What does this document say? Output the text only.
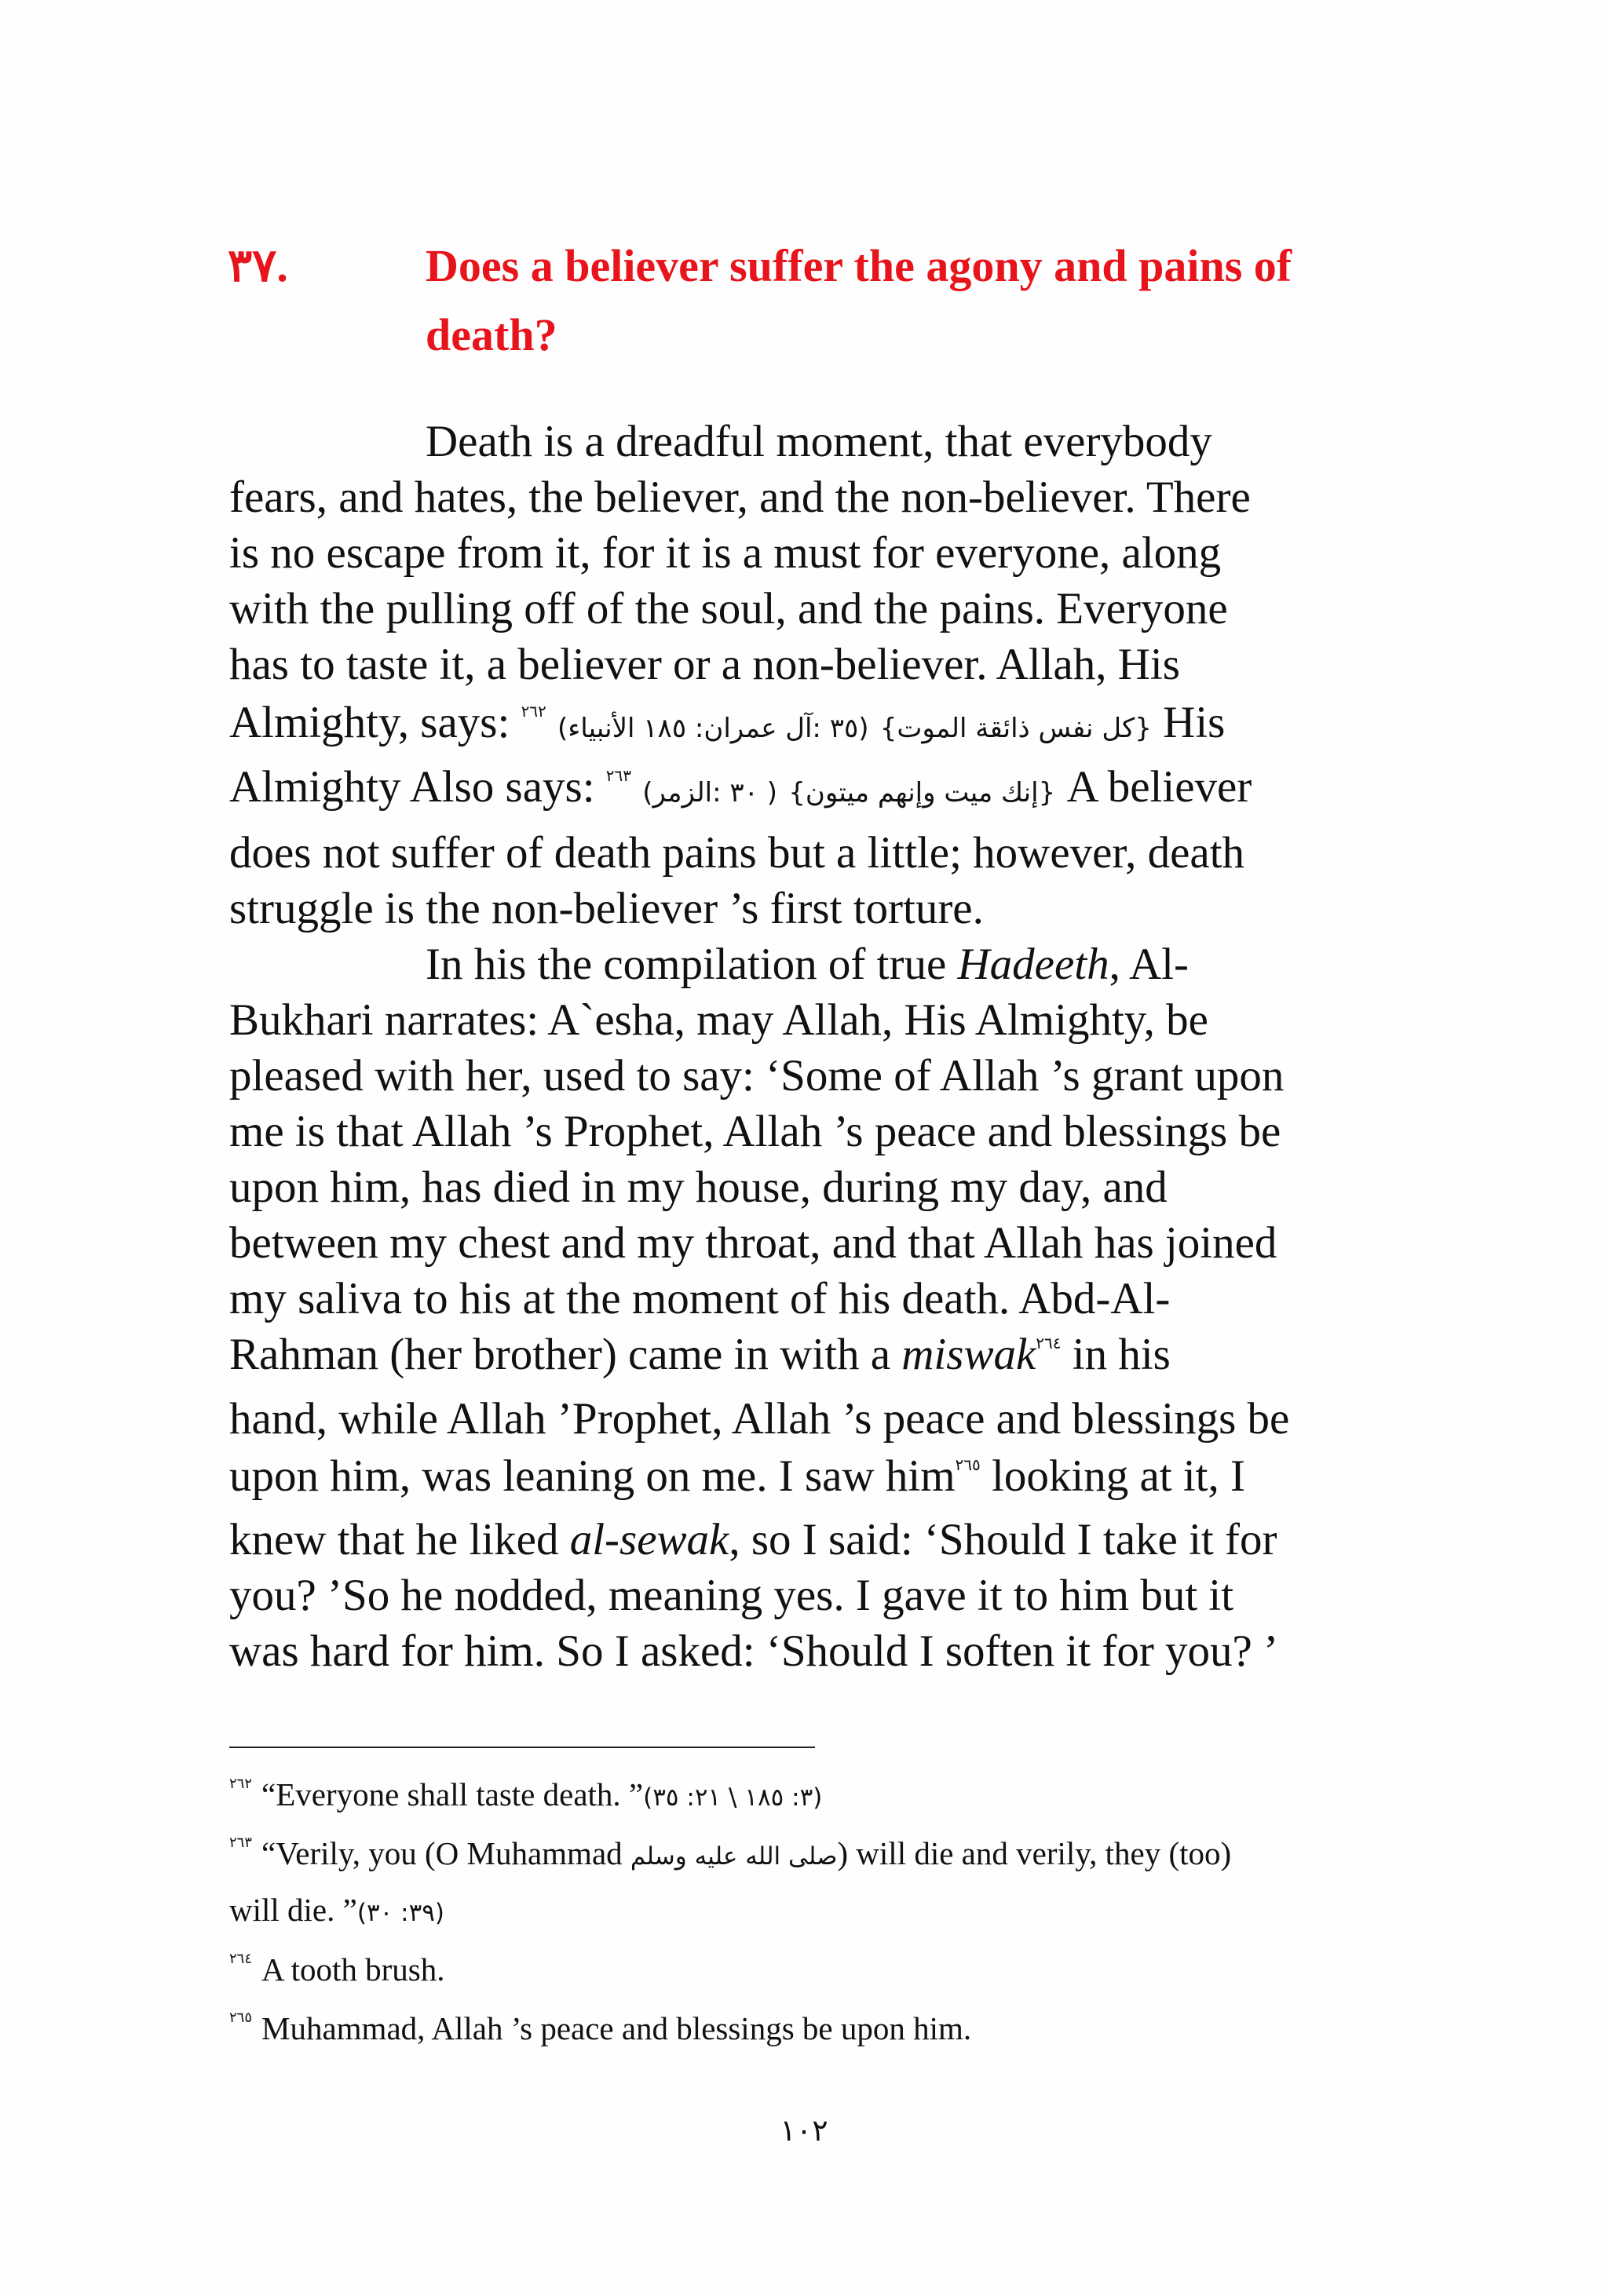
٣٧.	Does a believer suffer the agony and pains of death?
Death is a dreadful moment, that everybody
fears, and hates, the believer, and the non-believer. There
is no escape from it, for it is a must for everyone, along
with the pulling off of the soul, and the pains. Everyone
has to taste it, a believer or a non-believer. Allah, His
Almighty, says: $^{٢٦٢}$ (٣٥ :آل عمران: ١٨٥ الأنبياء) {كل نفس ذائقة الموت} His
Almighty Also says: $^{٢٦٣}$ ( ٣٠ :الزمر) {إنك ميت وإنهم ميتون} A believer
does not suffer of death pains but a little; however, death
struggle is the non-believer ’s first torture.
In his the compilation of true Hadeeth, Al-
Bukhari narrates: A`esha, may Allah, His Almighty, be
pleased with her, used to say: ‘Some of Allah ’s grant upon
me is that Allah ’s Prophet, Allah ’s peace and blessings be
upon him, has died in my house, during my day, and
between my chest and my throat, and that Allah has joined
my saliva to his at the moment of his death. Abd-Al-
Rahman (her brother) came in with a miswak$^{٢٦٤}$ in his
hand, while Allah ’Prophet, Allah ’s peace and blessings be
upon him, was leaning on me. I saw him$^{٢٦٥}$ looking at it, I
knew that he liked al-sewak, so I said: ‘Should I take it for
you? ’So he nodded, meaning yes. I gave it to him but it
was hard for him. So I asked: ‘Should I soften it for you? ’
$^{٢٦٢}$ “Everyone shall taste death. ”(٣: ١٨٥ \ ٢١: ٣٥)
$^{٢٦٣}$ “Verily, you (O Muhammad صلى الله عليه وسلم) will die and verily, they (too)
will die. ”(٣٩: ٣٠)
$^{٢٦٤}$ A tooth brush.
$^{٢٦٥}$ Muhammad, Allah ’s peace and blessings be upon him.
١٠٢
